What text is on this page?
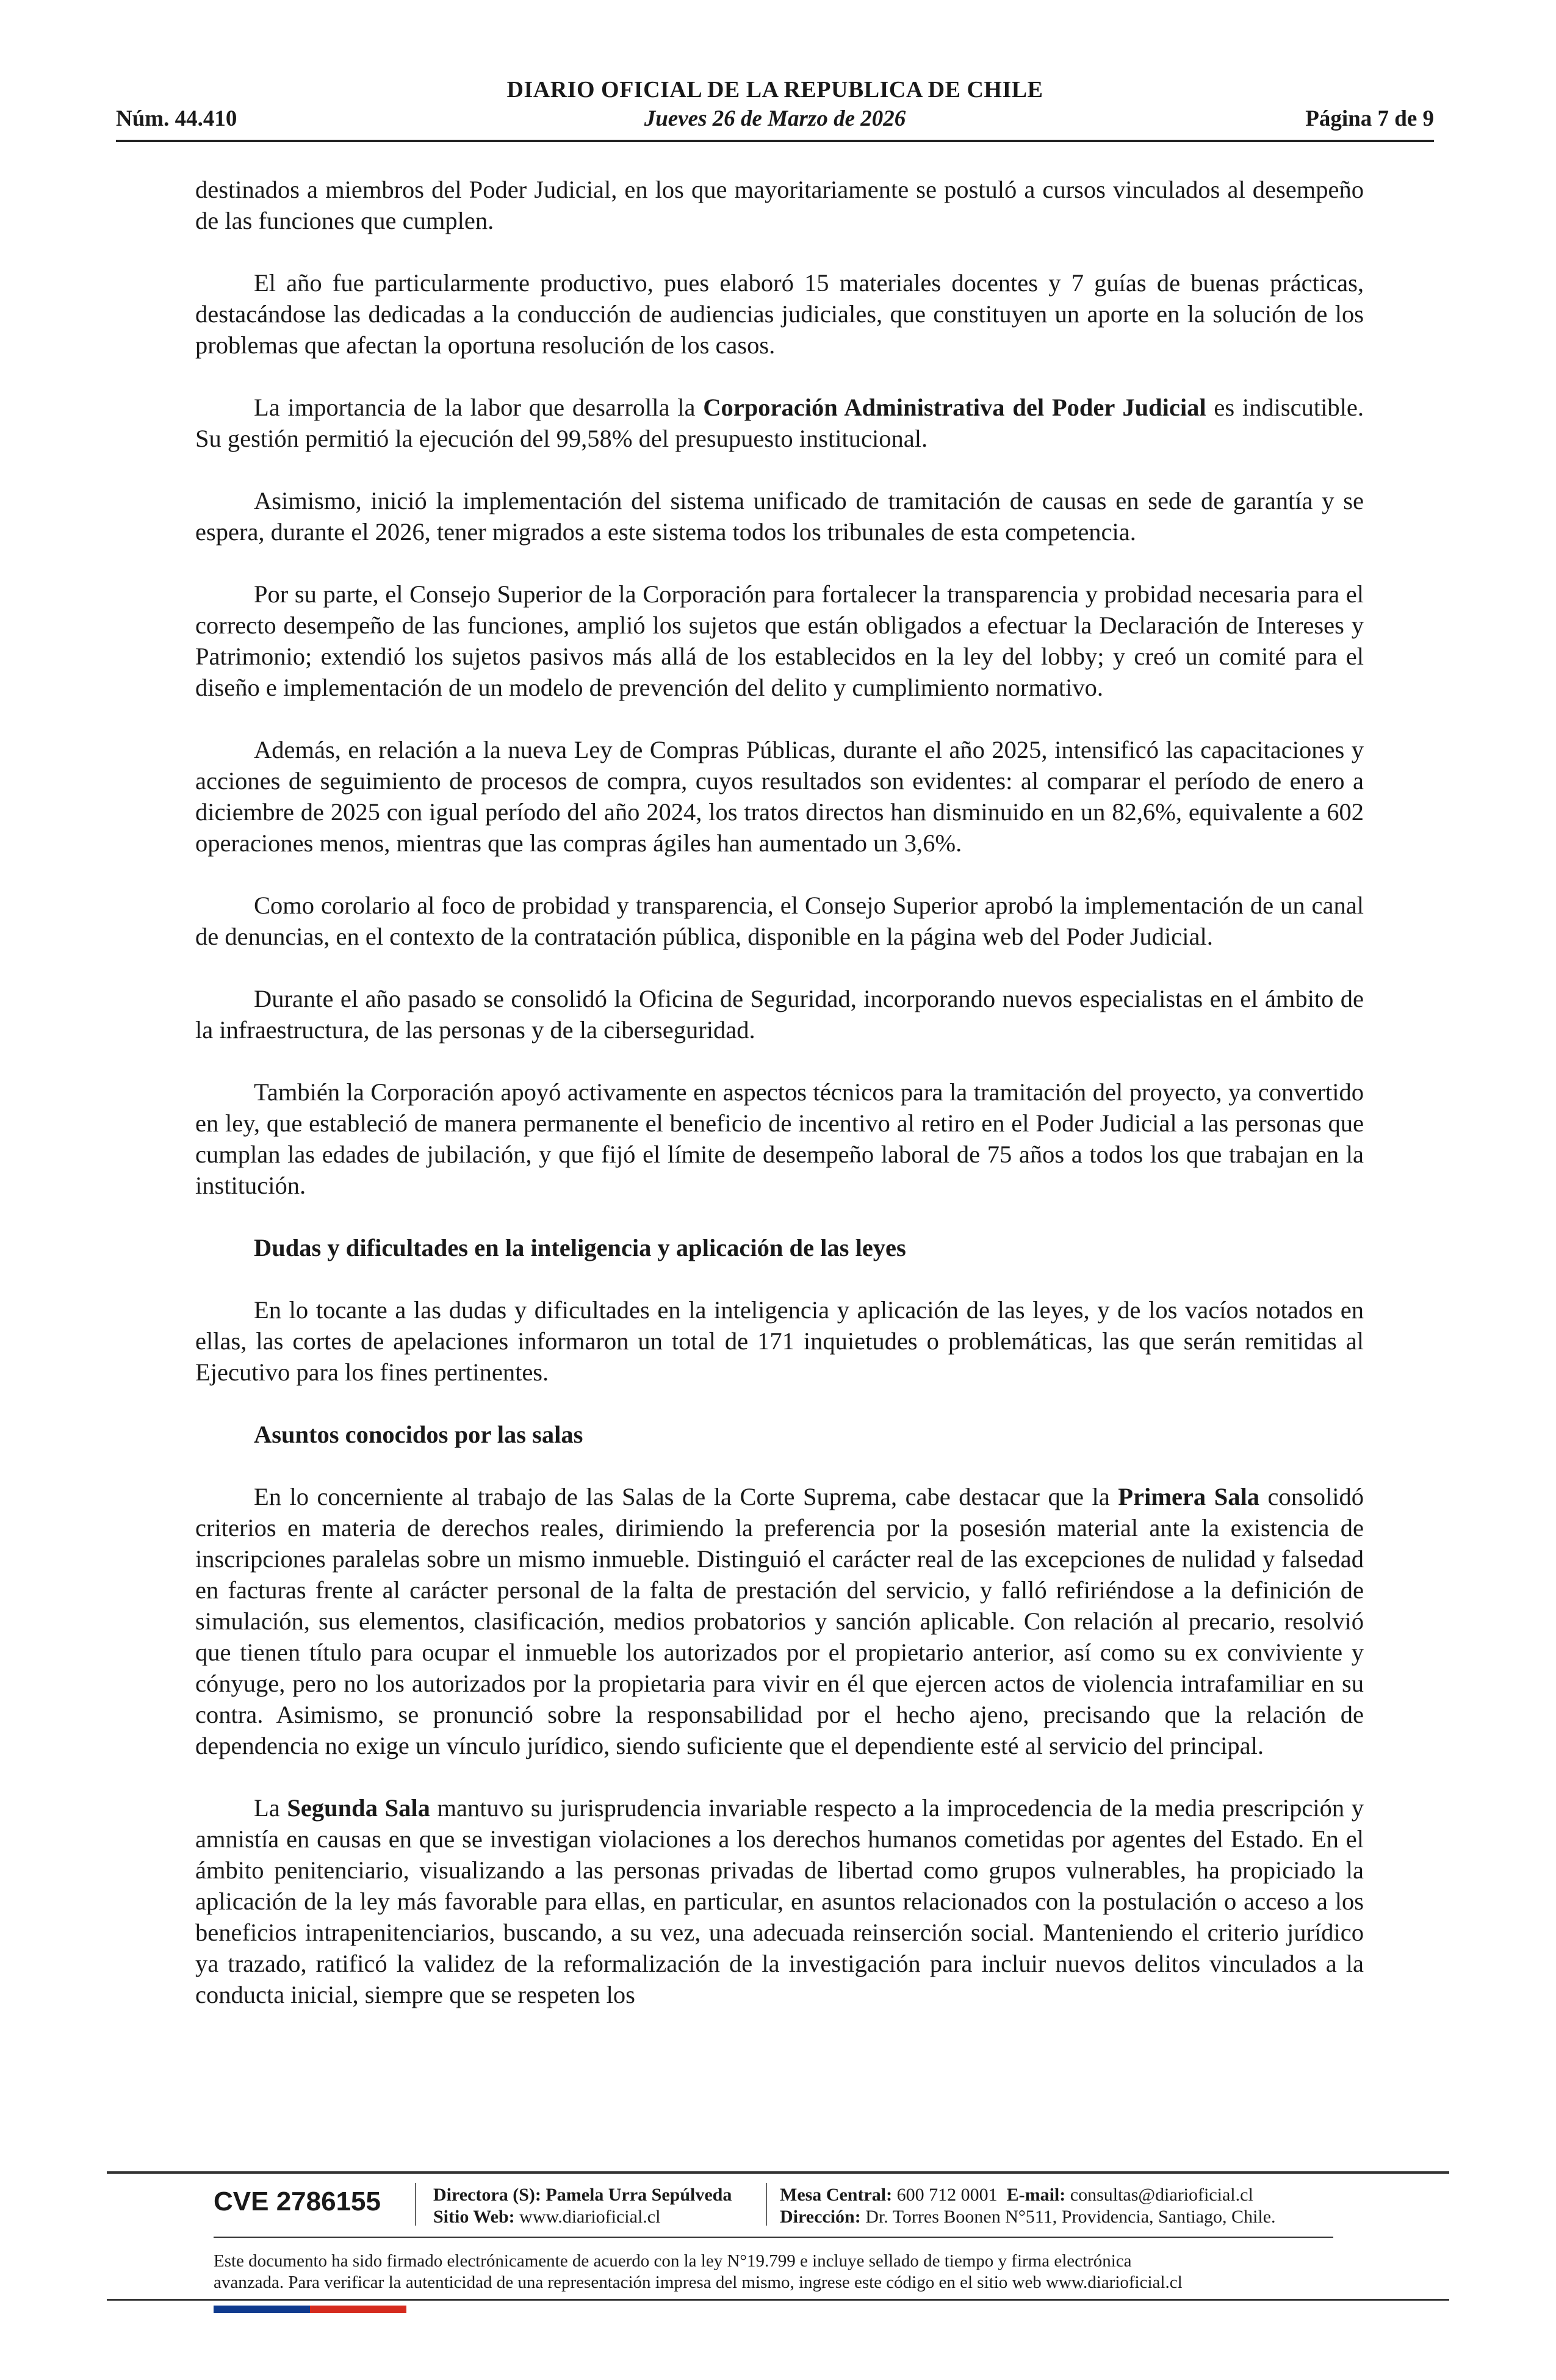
DIARIO OFICIAL DE LA REPUBLICA DE CHILE
Núm. 44.410	Jueves 26 de Marzo de 2026	Página 7 de 9

destinados a miembros del Poder Judicial, en los que mayoritariamente se postuló a cursos vinculados al desempeño de las funciones que cumplen.

El año fue particularmente productivo, pues elaboró 15 materiales docentes y 7 guías de buenas prácticas, destacándose las dedicadas a la conducción de audiencias judiciales, que constituyen un aporte en la solución de los problemas que afectan la oportuna resolución de los casos.

La importancia de la labor que desarrolla la Corporación Administrativa del Poder Judicial es indiscutible. Su gestión permitió la ejecución del 99,58% del presupuesto institucional.

Asimismo, inició la implementación del sistema unificado de tramitación de causas en sede de garantía y se espera, durante el 2026, tener migrados a este sistema todos los tribunales de esta competencia.

Por su parte, el Consejo Superior de la Corporación para fortalecer la transparencia y probidad necesaria para el correcto desempeño de las funciones, amplió los sujetos que están obligados a efectuar la Declaración de Intereses y Patrimonio; extendió los sujetos pasivos más allá de los establecidos en la ley del lobby; y creó un comité para el diseño e implementación de un modelo de prevención del delito y cumplimiento normativo.

Además, en relación a la nueva Ley de Compras Públicas, durante el año 2025, intensificó las capacitaciones y acciones de seguimiento de procesos de compra, cuyos resultados son evidentes: al comparar el período de enero a diciembre de 2025 con igual período del año 2024, los tratos directos han disminuido en un 82,6%, equivalente a 602 operaciones menos, mientras que las compras ágiles han aumentado un 3,6%.

Como corolario al foco de probidad y transparencia, el Consejo Superior aprobó la implementación de un canal de denuncias, en el contexto de la contratación pública, disponible en la página web del Poder Judicial.

Durante el año pasado se consolidó la Oficina de Seguridad, incorporando nuevos especialistas en el ámbito de la infraestructura, de las personas y de la ciberseguridad.

También la Corporación apoyó activamente en aspectos técnicos para la tramitación del proyecto, ya convertido en ley, que estableció de manera permanente el beneficio de incentivo al retiro en el Poder Judicial a las personas que cumplan las edades de jubilación, y que fijó el límite de desempeño laboral de 75 años a todos los que trabajan en la institución.

Dudas y dificultades en la inteligencia y aplicación de las leyes

En lo tocante a las dudas y dificultades en la inteligencia y aplicación de las leyes, y de los vacíos notados en ellas, las cortes de apelaciones informaron un total de 171 inquietudes o problemáticas, las que serán remitidas al Ejecutivo para los fines pertinentes.

Asuntos conocidos por las salas

En lo concerniente al trabajo de las Salas de la Corte Suprema, cabe destacar que la Primera Sala consolidó criterios en materia de derechos reales, dirimiendo la preferencia por la posesión material ante la existencia de inscripciones paralelas sobre un mismo inmueble. Distinguió el carácter real de las excepciones de nulidad y falsedad en facturas frente al carácter personal de la falta de prestación del servicio, y falló refiriéndose a la definición de simulación, sus elementos, clasificación, medios probatorios y sanción aplicable. Con relación al precario, resolvió que tienen título para ocupar el inmueble los autorizados por el propietario anterior, así como su ex conviviente y cónyuge, pero no los autorizados por la propietaria para vivir en él que ejercen actos de violencia intrafamiliar en su contra. Asimismo, se pronunció sobre la responsabilidad por el hecho ajeno, precisando que la relación de dependencia no exige un vínculo jurídico, siendo suficiente que el dependiente esté al servicio del principal.

La Segunda Sala mantuvo su jurisprudencia invariable respecto a la improcedencia de la media prescripción y amnistía en causas en que se investigan violaciones a los derechos humanos cometidas por agentes del Estado. En el ámbito penitenciario, visualizando a las personas privadas de libertad como grupos vulnerables, ha propiciado la aplicación de la ley más favorable para ellas, en particular, en asuntos relacionados con la postulación o acceso a los beneficios intrapenitenciarios, buscando, a su vez, una adecuada reinserción social. Manteniendo el criterio jurídico ya trazado, ratificó la validez de la reformalización de la investigación para incluir nuevos delitos vinculados a la conducta inicial, siempre que se respeten los

CVE 2786155	Directora (S): Pamela Urra Sepúlveda
Sitio Web: www.diarioficial.cl
Mesa Central: 600 712 0001 E-mail: consultas@diarioficial.cl
Dirección: Dr. Torres Boonen N°511, Providencia, Santiago, Chile.
Este documento ha sido firmado electrónicamente de acuerdo con la ley N°19.799 e incluye sellado de tiempo y firma electrónica
avanzada. Para verificar la autenticidad de una representación impresa del mismo, ingrese este código en el sitio web www.diarioficial.cl
